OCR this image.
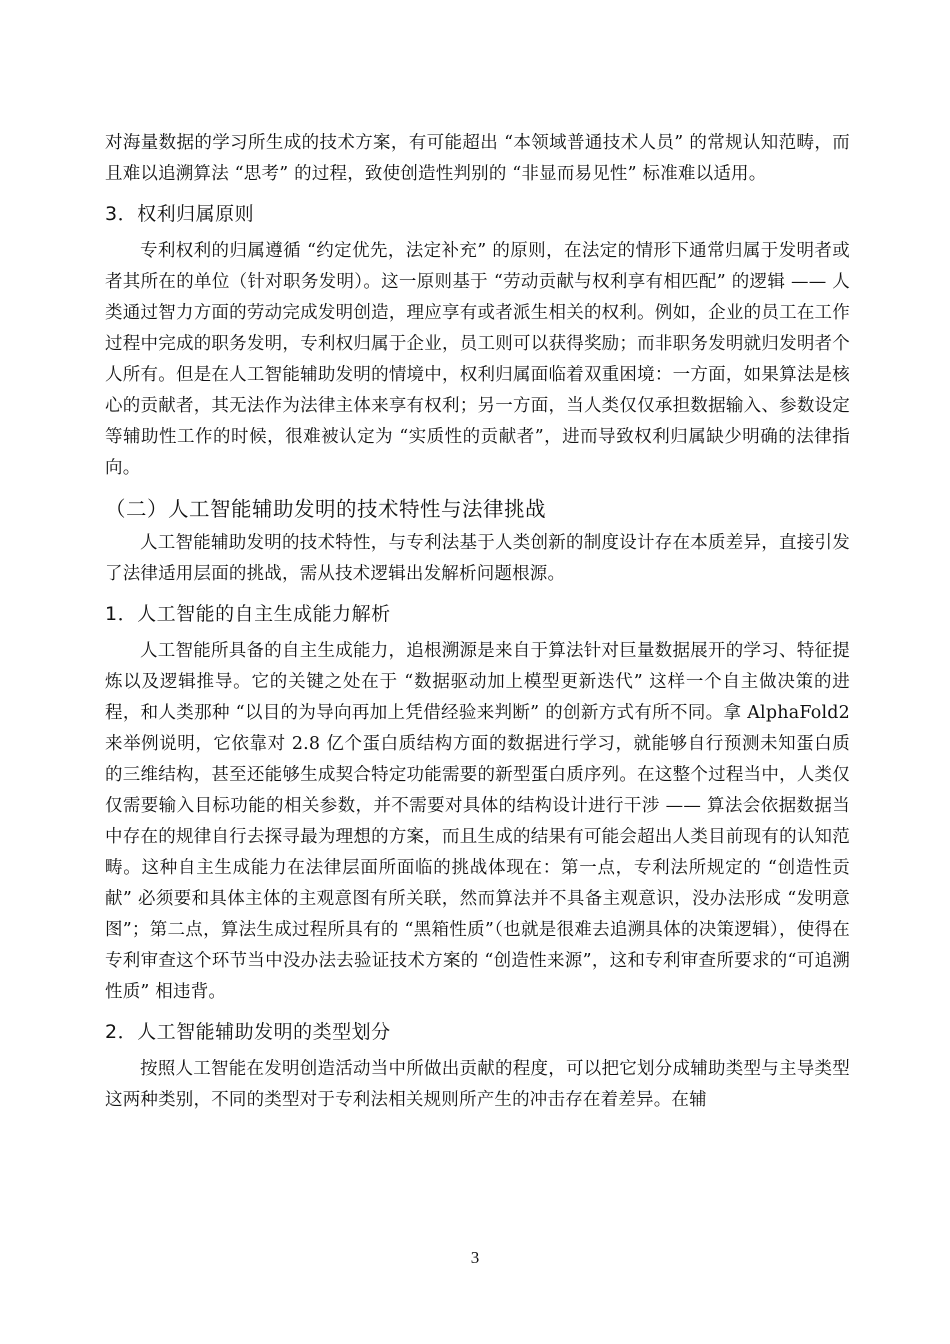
对海量数据的学习所生成的技术方案，有可能超出 “本领域普通技术人员” 的常规认知范畴，而且难以追溯算法 “思考” 的过程，致使创造性判别的 “非显而易见性” 标准难以适用。

3．权利归属原则

专利权利的归属遵循 “约定优先，法定补充” 的原则，在法定的情形下通常归属于发明者或者其所在的单位（针对职务发明）。这一原则基于 “劳动贡献与权利享有相匹配” 的逻辑 —— 人类通过智力方面的劳动完成发明创造，理应享有或者派生相关的权利。例如，企业的员工在工作过程中完成的职务发明，专利权归属于企业，员工则可以获得奖励；而非职务发明就归发明者个人所有。但是在人工智能辅助发明的情境中，权利归属面临着双重困境：一方面，如果算法是核心的贡献者，其无法作为法律主体来享有权利；另一方面，当人类仅仅承担数据输入、参数设定等辅助性工作的时候，很难被认定为 “实质性的贡献者”，进而导致权利归属缺少明确的法律指向。

（二）人工智能辅助发明的技术特性与法律挑战

人工智能辅助发明的技术特性，与专利法基于人类创新的制度设计存在本质差异，直接引发了法律适用层面的挑战，需从技术逻辑出发解析问题根源。

1．人工智能的自主生成能力解析

人工智能所具备的自主生成能力，追根溯源是来自于算法针对巨量数据展开的学习、特征提炼以及逻辑推导。它的关键之处在于 “数据驱动加上模型更新迭代” 这样一个自主做决策的进程，和人类那种 “以目的为导向再加上凭借经验来判断” 的创新方式有所不同。拿 AlphaFold2 来举例说明，它依靠对 2.8 亿个蛋白质结构方面的数据进行学习，就能够自行预测未知蛋白质的三维结构，甚至还能够生成契合特定功能需要的新型蛋白质序列。在这整个过程当中，人类仅仅需要输入目标功能的相关参数，并不需要对具体的结构设计进行干涉 —— 算法会依据数据当中存在的规律自行去探寻最为理想的方案，而且生成的结果有可能会超出人类目前现有的认知范畴。这种自主生成能力在法律层面所面临的挑战体现在：第一点，专利法所规定的 “创造性贡献” 必须要和具体主体的主观意图有所关联，然而算法并不具备主观意识，没办法形成 “发明意图”；第二点，算法生成过程所具有的 “黑箱性质”（也就是很难去追溯具体的决策逻辑），使得在专利审查这个环节当中没办法去验证技术方案的 “创造性来源”，这和专利审查所要求的“可追溯性质” 相违背。

2．人工智能辅助发明的类型划分

按照人工智能在发明创造活动当中所做出贡献的程度，可以把它划分成辅助类型与主导类型这两种类别，不同的类型对于专利法相关规则所产生的冲击存在着差异。在辅

3
